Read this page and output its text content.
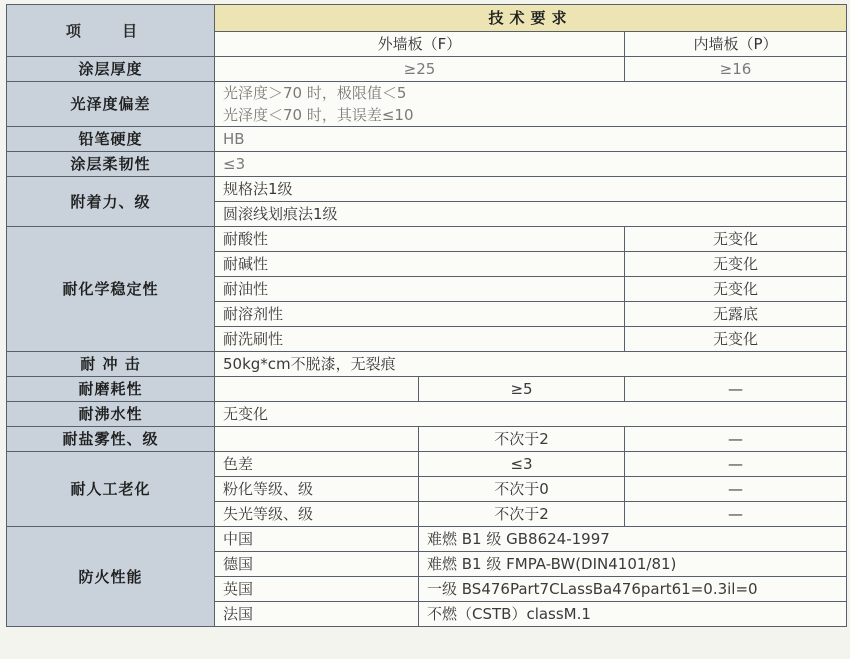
项 目	技术要求		
	外墙板（F）		内墙板（P）
涂层厚度	≥25		≥16
光泽度偏差	光泽度＞70 时，极限值＜5
光泽度＜70 时，其误差≤10		

铅笔硬度	HB		
涂层柔韧性	≤3		
附着力、级	规格法1级		
	圆滚线划痕法1级		
耐化学稳定性	耐酸性		无变化
	耐碱性		无变化
	耐油性		无变化
	耐溶剂性		无露底
	耐洗刷性		无变化
耐 冲 击	50kg*cm不脱漆，无裂痕		
耐磨耗性		≥5	—
耐沸水性	无变化		
耐盐雾性、级		不次于2	—
耐人工老化	色差	≤3	—
	粉化等级、级	不次于0	—
	失光等级、级	不次于2	—
防火性能	中国	难燃 B1 级 GB8624-1997	
	德国	难燃 B1 级 FMPA-BW(DIN4101/81)	
	英国	一级 BS476Part7CLassBa476part61=0.3il=0	
	法国	不燃（CSTB）classM.1	
